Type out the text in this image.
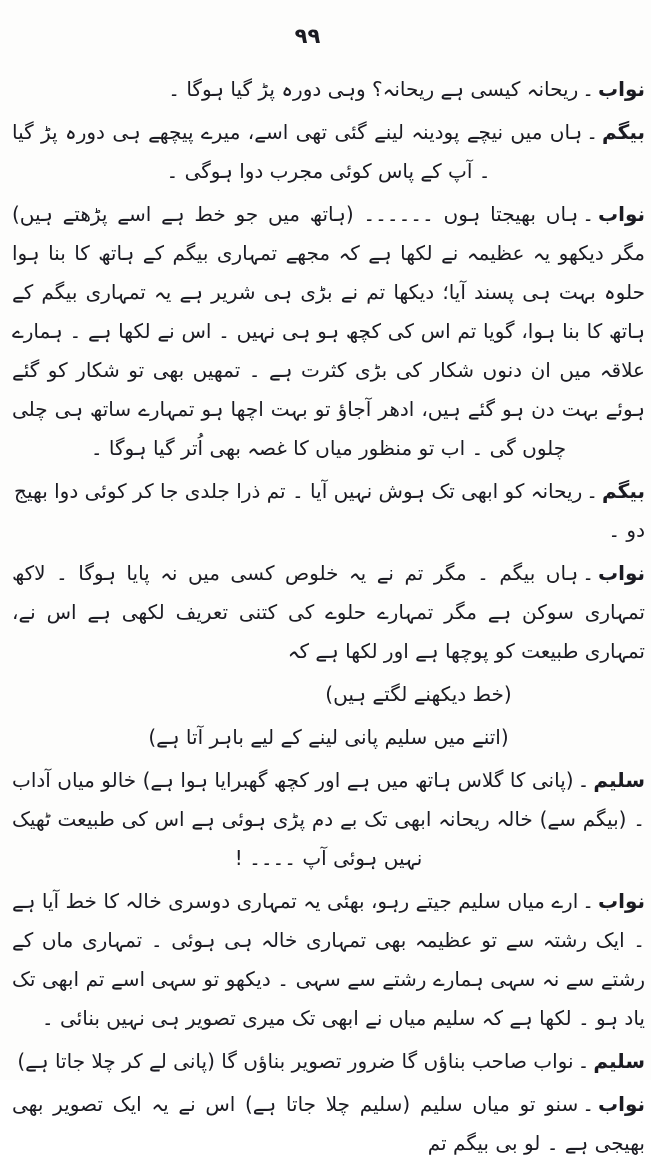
۹۹

نواب۔ریحانہ کیسی ہے ریحانہ؟ وہی دورہ پڑ گیا ہوگا ۔

بیگم۔ہاں میں نیچے پودینہ لینے گئی تھی اسے، میرے پیچھے ہی دورہ پڑ گیا ۔ آپ کے پاس کوئی مجرب دوا ہوگی ۔

نواب۔ہاں بھیجتا ہوں ۔۔۔۔۔۔ (ہاتھ میں جو خط ہے اسے پڑھتے ہیں) مگر دیکھو یہ عظیمہ نے لکھا ہے کہ مجھے تمہاری بیگم کے ہاتھ کا بنا ہوا حلوہ بہت ہی پسند آیا؛ دیکھا تم نے بڑی ہی شریر ہے یہ تمہاری بیگم کے ہاتھ کا بنا ہوا، گویا تم اس کی کچھ ہو ہی نہیں ۔ اس نے لکھا ہے ۔ ہمارے علاقہ میں ان دنوں شکار کی بڑی کثرت ہے ۔ تمھیں بھی تو شکار کو گئے ہوئے بہت دن ہو گئے ہیں، ادھر آجاؤ تو بہت اچھا ہو تمہارے ساتھ ہی چلی چلوں گی ۔ اب تو منظور میاں کا غصہ بھی اُتر گیا ہوگا ۔

بیگم۔ریحانہ کو ابھی تک ہوش نہیں آیا ۔ تم ذرا جلدی جا کر کوئی دوا بھیج دو ۔

نواب۔ہاں بیگم ۔ مگر تم نے یہ خلوص کسی میں نہ پایا ہوگا ۔ لاکھ تمہاری سوکن ہے مگر تمہارے حلوے کی کتنی تعریف لکھی ہے اس نے، تمہاری طبیعت کو پوچھا ہے اور لکھا ہے کہ

(خط دیکھنے لگتے ہیں)

(اتنے میں سلیم پانی لینے کے لیے باہر آتا ہے)

سلیم۔(پانی کا گلاس ہاتھ میں ہے اور کچھ گھبرایا ہوا ہے) خالو میاں آداب ۔ (بیگم سے) خالہ ریحانہ ابھی تک بے دم پڑی ہوئی ہے اس کی طبیعت ٹھیک نہیں ہوئی آپ ۔۔۔۔ !

نواب۔ارے میاں سلیم جیتے رہو، بھئی یہ تمہاری دوسری خالہ کا خط آیا ہے ۔ ایک رشتہ سے تو عظیمہ بھی تمہاری خالہ ہی ہوئی ۔ تمہاری ماں کے رشتے سے نہ سہی ہمارے رشتے سے سہی ۔ دیکھو تو سہی اسے تم ابھی تک یاد ہو ۔ لکھا ہے کہ سلیم میاں نے ابھی تک میری تصویر ہی نہیں بنائی ۔

سلیم۔نواب صاحب بناؤں گا ضرور تصویر بناؤں گا (پانی لے کر چلا جاتا ہے)

نواب۔سنو تو میاں سلیم (سلیم چلا جاتا ہے) اس نے یہ ایک تصویر بھی بھیجی ہے ۔ لو بی بیگم تم
